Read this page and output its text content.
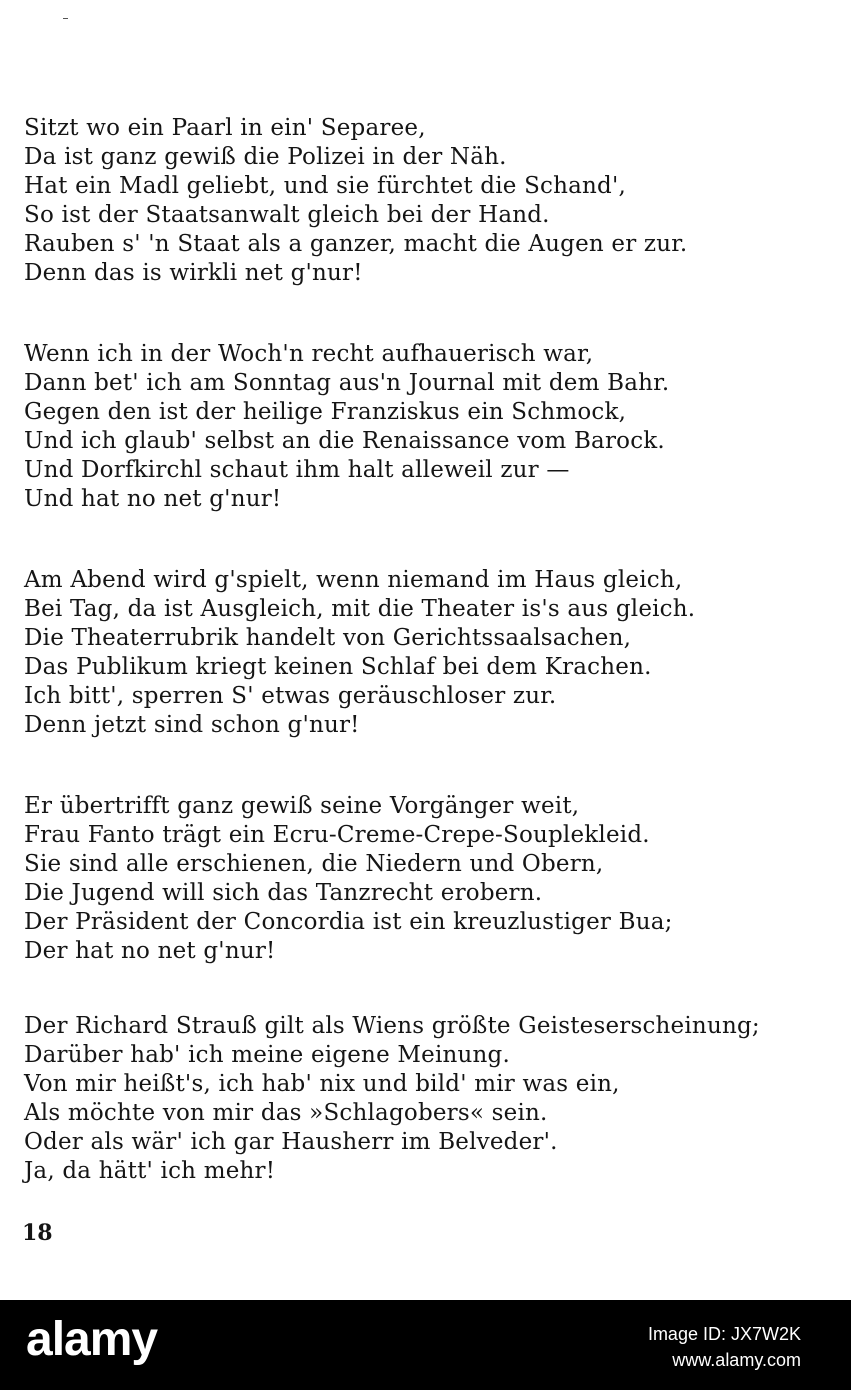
Sitzt wo ein Paarl in ein' Separee,
Da ist ganz gewiß die Polizei in der Näh.
Hat ein Madl geliebt, und sie fürchtet die Schand',
So ist der Staatsanwalt gleich bei der Hand.
Rauben s' 'n Staat als a ganzer, macht die Augen er zur.
Denn das is wirkli net g'nur!
Wenn ich in der Woch'n recht aufhauerisch war,
Dann bet' ich am Sonntag aus'n Journal mit dem Bahr.
Gegen den ist der heilige Franziskus ein Schmock,
Und ich glaub' selbst an die Renaissance vom Barock.
Und Dorfkirchl schaut ihm halt alleweil zur —
Und hat no net g'nur!
Am Abend wird g'spielt, wenn niemand im Haus gleich,
Bei Tag, da ist Ausgleich, mit die Theater is's aus gleich.
Die Theaterrubrik handelt von Gerichtssaalsachen,
Das Publikum kriegt keinen Schlaf bei dem Krachen.
Ich bitt', sperren S' etwas geräuschloser zur.
Denn jetzt sind schon g'nur!
Er übertrifft ganz gewiß seine Vorgänger weit,
Frau Fanto trägt ein Ecru-Creme-Crepe-Souplekleid.
Sie sind alle erschienen, die Niedern und Obern,
Die Jugend will sich das Tanzrecht erobern.
Der Präsident der Concordia ist ein kreuzlustiger Bua;
Der hat no net g'nur!
Der Richard Strauß gilt als Wiens größte Geisteserscheinung;
Darüber hab' ich meine eigene Meinung.
Von mir heißt's, ich hab' nix und bild' mir was ein,
Als möchte von mir das »Schlagobers« sein.
Oder als wär' ich gar Hausherr im Belveder'.
Ja, da hätt' ich mehr!
18
alamy	Image ID: JX7W2K
www.alamy.com
